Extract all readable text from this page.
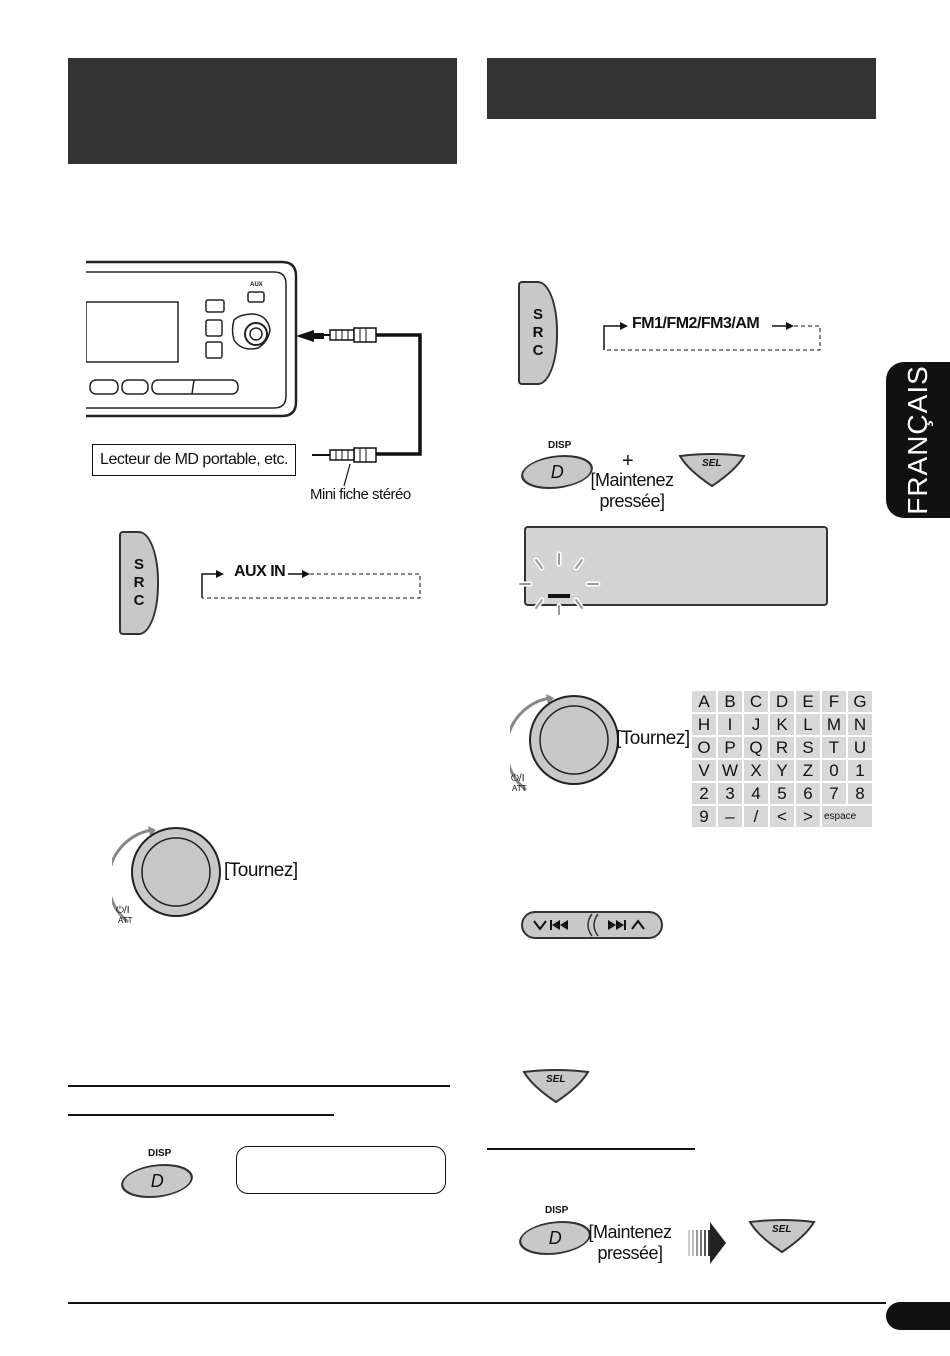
FRANÇAIS
AUX
Lecteur de MD portable, etc.
Mini fiche stéréo
S
R
C
AUX IN
⏻/I
ATT
[Tournez]
DISP
D
S
R
C
FM1/FM2/FM3/AM
DISP
D	+
[Maintenez
pressée]
SEL
⏻/I
ATT
[Tournez]
A B C D E F G
H	I	J K L M N
O P Q R S T U
V W X Y Z 0 1
2 3 4 5 6 7 8
9 –	/	< >	espace
SEL
DISP
D [Maintenez
pressée]
SEL
